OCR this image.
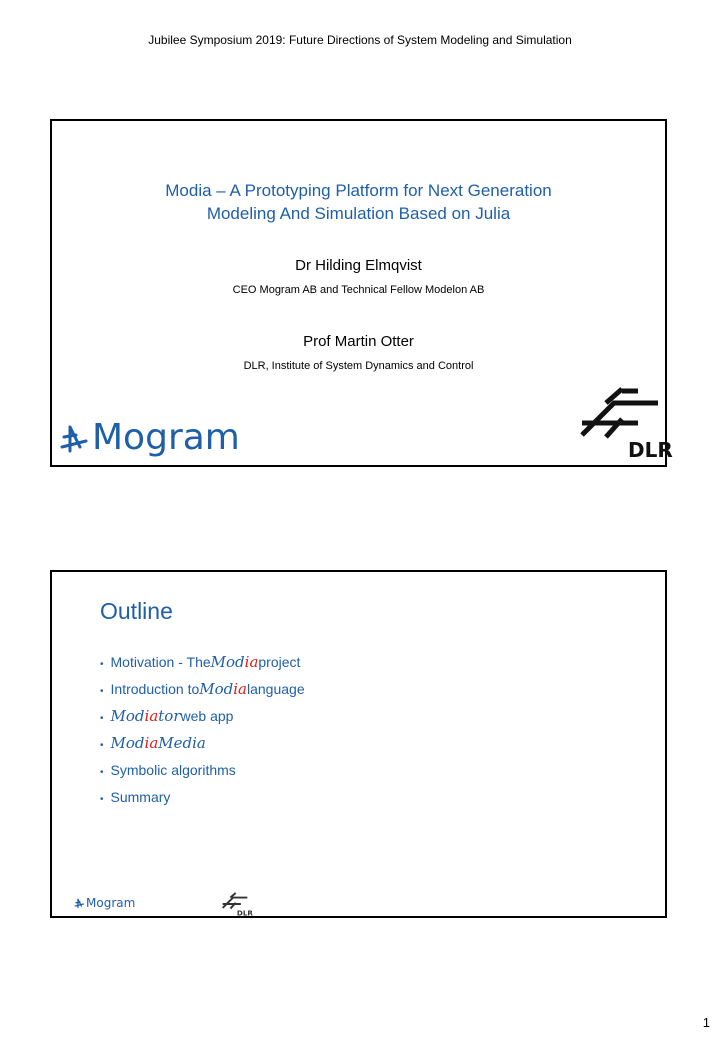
Jubilee Symposium 2019: Future Directions of System Modeling and Simulation
Modia – A Prototyping Platform for Next Generation
Modeling And Simulation Based on Julia
Dr Hilding Elmqvist
CEO Mogram AB and Technical Fellow Modelon AB
Prof Martin Otter
DLR, Institute of System Dynamics and Control
Mogram	DLR
Outline
• Motivation - The Modia project
• Introduction to Modia language
• Modiator web app
• ModiaMedia
• Symbolic algorithms
• Summary
Mogram
DLR
1
